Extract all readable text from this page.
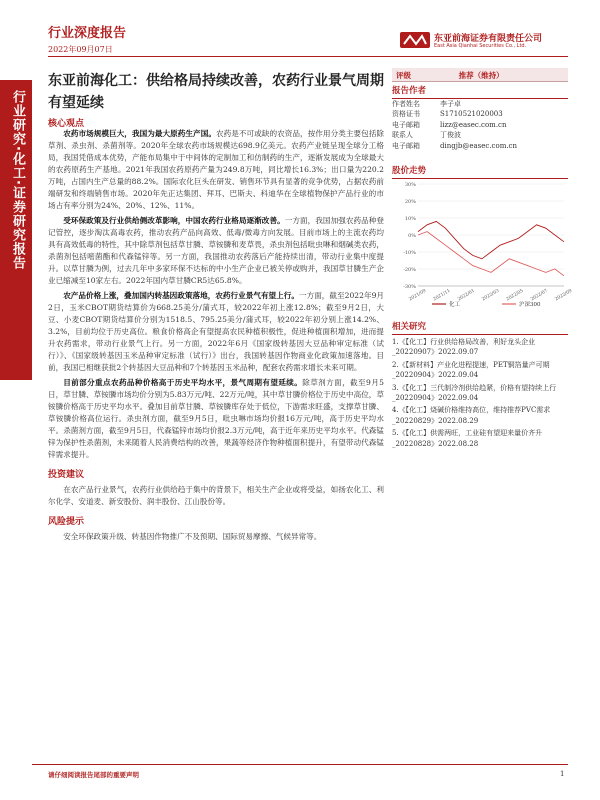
行业深度报告
2022年09月07日
东亚前海证券有限责任公司
East Asia Qianhai Securities Co., Ltd.
行业研究·化工·证券研究报告
东亚前海化工：供给格局持续改善，农药行业景气周期有望延续
核心观点

农药市场规模巨大，我国为最大原药生产国。农药是不可或缺的农资品，按作用分类主要包括除草剂、杀虫剂、杀菌剂等。2020年全球农药市场规模达698.9亿美元。农药产业链呈现全球分工格局，我国凭借成本优势，产能布局集中于中间体的定制加工和仿制药的生产，逐渐发展成为全球最大的农药原药生产基地。2021年我国农药原药产量为249.8万吨，同比增长16.3%；出口量为220.2万吨，占国内生产总量的88.2%。国际农化巨头在研发、销售环节具有显著的竞争优势，占据农药前端研发和终端销售市场。2020年先正达集团、拜耳、巴斯夫、科迪华在全球植物保护产品行业的市场占有率分别为24%、20%、12%、11%。

受环保政策及行业供给侧改革影响，中国农药行业格局逐渐改善。一方面，我国加强农药品种登记管控，逐步淘汰高毒农药，推动农药产品向高效、低毒/微毒方向发展。目前市场上的主流农药均具有高效低毒的特性，其中除草剂包括草甘膦、草铵膦和麦草畏，杀虫剂包括吡虫啉和烟碱类农药，杀菌剂包括嘧菌酯和代森锰锌等。另一方面，我国推动农药落后产能持续出清，带动行业集中度提升。以草甘膦为例，过去几年中多家环保不达标的中小生产企业已被关停或购并，我国草甘膦生产企业已缩减至10家左右。2022年国内草甘膦CR5达65.8%。

农产品价格上涨，叠加国内转基因政策落地，农药行业景气有望上行。一方面，截至2022年9月2日，玉米CBOT期货结算价为668.25美分/蒲式耳，较2022年初上涨12.8%；截至9月2日，大豆、小麦CBOT期货结算价分别为1518.5、795.25美分/蒲式耳，较2022年初分别上涨14.2%、3.2%，目前均位于历史高位。粮食价格高企有望提高农民种植积极性，促进种植面积增加，进而提升农药需求，带动行业景气上行。另一方面，2022年6月《国家级转基因大豆品种审定标准（试行）》、《国家级转基因玉米品种审定标准（试行）》出台，我国转基因作物商业化政策加速落地。目前，我国已相继获批2个转基因大豆品种和7个转基因玉米品种，配套农药需求增长未来可期。

目前部分重点农药品种价格高于历史平均水平，景气周期有望延续。除草剂方面，截至9月5日，草甘膦、草铵膦市场均价分别为5.83万元/吨、22万元/吨，其中草甘膦价格位于历史中高位，草铵膦价格高于历史平均水平。叠加目前草甘膦、草铵膦库存处于低位，下游需求旺盛，支撑草甘膦、草铵膦价格高位运行。杀虫剂方面，截至9月5日，吡虫啉市场均价报16万元/吨，高于历史平均水平。杀菌剂方面，截至9月5日，代森锰锌市场均价报2.3万元/吨，高于近年来历史平均水平。代森锰锌为保护性杀菌剂，未来随着人民消费结构的改善，果蔬等经济作物种植面积提升，有望带动代森锰锌需求提升。

投资建议

在农产品行业景气，农药行业供给趋于集中的背景下，相关生产企业或将受益，如扬农化工、利尔化学、安道麦、新安股份、润丰股份、江山股份等。

风险提示

安全环保政策升级、转基因作物推广不及预期、国际贸易摩擦、气候异常等。

评级	推荐（维持）
报告作者
作者姓名	李子卓
资格证书	S1710521020003
电子邮箱	lizz@easec.com.cn
联系人	丁俊波
电子邮箱	dingjb@easec.com.cn
股价走势
30%
20%
10%
0%
-10%
-20%
-30%
2021/09 2021/11 2022/01 2022/03 2022/05 2022/07 2022/09
化工	沪深300
相关研究
1.《【化工】行业供给格局改善，利好龙头企业_20220907》2022.09.07
2.《【新材料】产业化进程提速，PET铜箔量产可期_20220904》2022.09.04
3.《【化工】三代制冷剂供给趋紧，价格有望持续上行_20220904》2022.09.04
4.《【化工】烧碱价格维持高位，维持推荐PVC需求_20220829》2022.08.29
5.《【化工】供需两旺，工业硅有望迎来量价齐升_20220828》2022.08.28
请仔细阅读报告尾部的重要声明	1
